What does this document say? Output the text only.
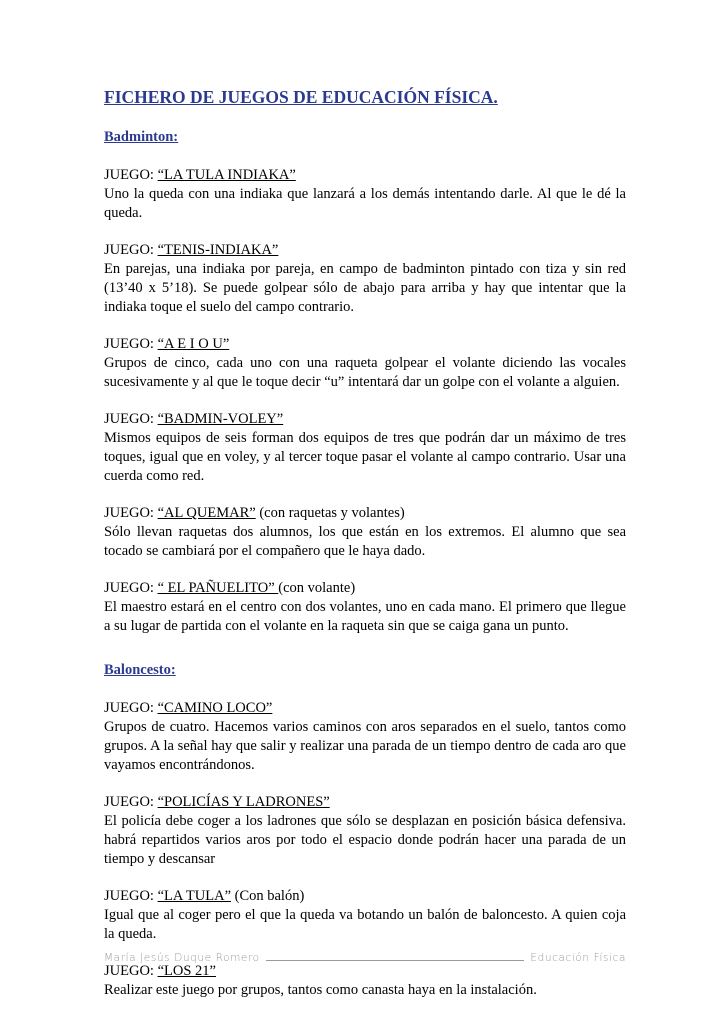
FICHERO DE JUEGOS DE EDUCACIÓN FÍSICA.

Badminton:

JUEGO: “LA TULA INDIAKA”

Uno la queda con una indiaka que lanzará a los demás intentando darle. Al que le dé la queda.

JUEGO: “TENIS-INDIAKA”

En parejas, una indiaka por pareja, en campo de badminton pintado con tiza y sin red (13’40 x 5’18). Se puede golpear sólo de abajo para arriba y hay que intentar que la indiaka toque el suelo del campo contrario.

JUEGO: “A E I O U”

Grupos de cinco, cada uno con una raqueta golpear el volante diciendo las vocales sucesivamente y al que le toque decir “u” intentará dar un golpe con el volante a alguien.

JUEGO: “BADMIN-VOLEY”

Mismos equipos de seis forman dos equipos de tres que podrán dar un máximo de tres toques, igual que en voley, y al tercer toque pasar el volante al campo contrario. Usar una cuerda como red.

JUEGO: “AL QUEMAR” (con raquetas y volantes)

Sólo llevan raquetas dos alumnos, los que están en los extremos. El alumno que sea tocado se cambiará por el compañero que le haya dado.

JUEGO: “ EL PAÑUELITO” (con volante)

El maestro estará en el centro con dos volantes, uno en cada mano. El primero que llegue a su lugar de partida con el volante en la raqueta sin que se caiga gana un punto.

Baloncesto:

JUEGO: “CAMINO LOCO”

Grupos de cuatro. Hacemos varios caminos con aros separados en el suelo, tantos como grupos. A la señal hay que salir y realizar una parada de un tiempo dentro de cada aro que vayamos encontrándonos.

JUEGO: “POLICÍAS Y LADRONES”

El policía debe coger a los ladrones que sólo se desplazan en posición básica defensiva. habrá repartidos varios aros por todo el espacio donde podrán hacer una parada de un tiempo y descansar

JUEGO: “LA TULA” (Con balón)

Igual que al coger pero el que la queda va botando un balón de baloncesto. A quien coja la queda.

JUEGO: “LOS 21”

Realizar este juego por grupos, tantos como canasta haya en la instalación.

María Jesús Duque Romero	Educación Física
